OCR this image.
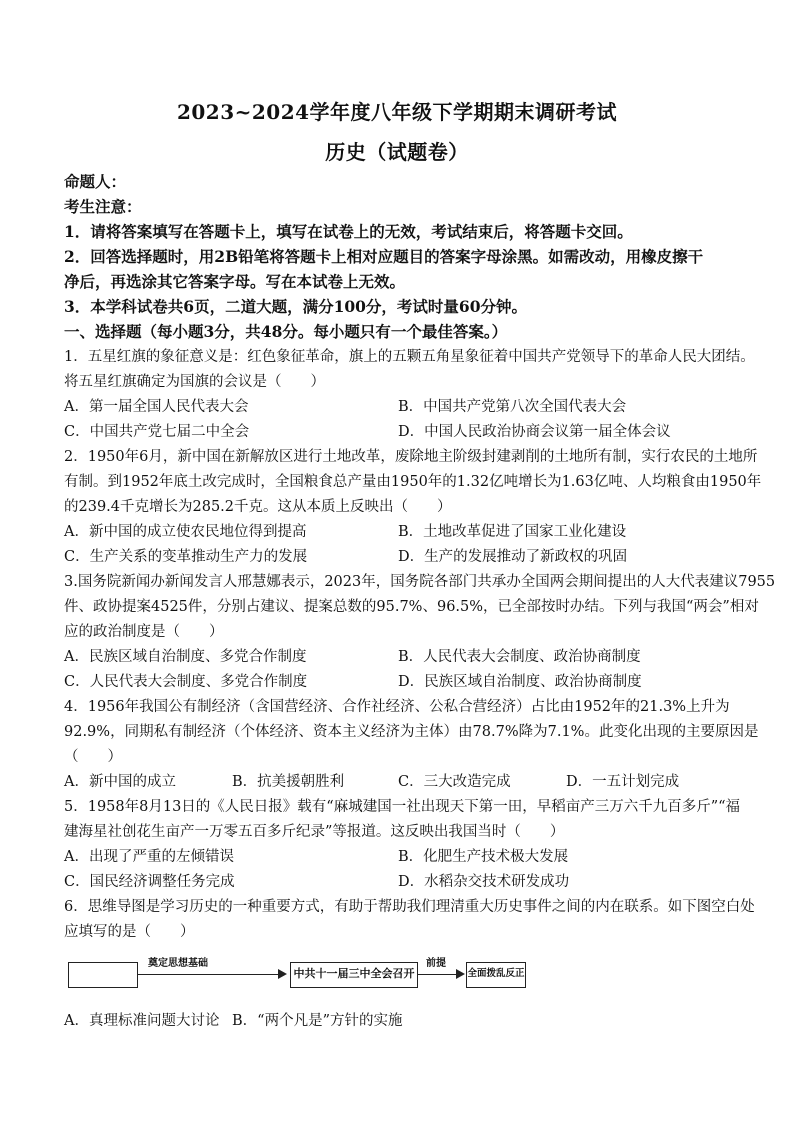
2023~2024学年度八年级下学期期末调研考试
历史（试题卷）
命题人：
考生注意：
1．请将答案填写在答题卡上，填写在试卷上的无效，考试结束后，将答题卡交回。
2．回答选择题时，用2B铅笔将答题卡上相对应题目的答案字母涂黑。如需改动，用橡皮擦干
净后，再选涂其它答案字母。写在本试卷上无效。
3．本学科试卷共6页，二道大题，满分100分，考试时量60分钟。
一、选择题（每小题3分，共48分。每小题只有一个最佳答案。）
1．五星红旗的象征意义是：红色象征革命，旗上的五颗五角星象征着中国共产党领导下的革命人民大团结。
将五星红旗确定为国旗的会议是（　　）
A．第一届全国人民代表大会	B．中国共产党第八次全国代表大会
C．中国共产党七届二中全会	D．中国人民政治协商会议第一届全体会议
2．1950年6月，新中国在新解放区进行土地改革，废除地主阶级封建剥削的土地所有制，实行农民的土地所
有制。到1952年底土改完成时，全国粮食总产量由1950年的1.32亿吨增长为1.63亿吨、人均粮食由1950年
的239.4千克增长为285.2千克。这从本质上反映出（　　）
A．新中国的成立使农民地位得到提高	B．土地改革促进了国家工业化建设
C．生产关系的变革推动生产力的发展	D．生产的发展推动了新政权的巩固
3.国务院新闻办新闻发言人邢慧娜表示，2023年，国务院各部门共承办全国两会期间提出的人大代表建议7955
件、政协提案4525件，分别占建议、提案总数的95.7%、96.5%，已全部按时办结。下列与我国“两会”相对
应的政治制度是（　　）
A．民族区域自治制度、多党合作制度	B．人民代表大会制度、政治协商制度
C．人民代表大会制度、多党合作制度	D．民族区域自治制度、政治协商制度
4．1956年我国公有制经济（含国营经济、合作社经济、公私合营经济）占比由1952年的21.3%上升为
92.9%，同期私有制经济（个体经济、资本主义经济为主体）由78.7%降为7.1%。此变化出现的主要原因是
（　　）
A．新中国的成立	B．抗美援朝胜利	C．三大改造完成	D．一五计划完成
5．1958年8月13日的《人民日报》载有“麻城建国一社出现天下第一田，早稻亩产三万六千九百多斤”“福
建海星社创花生亩产一万零五百多斤纪录”等报道。这反映出我国当时（　　）
A．出现了严重的左倾错误	B．化肥生产技术极大发展
C．国民经济调整任务完成	D．水稻杂交技术研发成功
6．思维导图是学习历史的一种重要方式，有助于帮助我们理清重大历史事件之间的内在联系。如下图空白处
应填写的是（　　）
奠定思想基础
中共十一届三中全会召开
前提
全面拨乱反正
A．真理标准问题大讨论 B．“两个凡是”方针的实施
